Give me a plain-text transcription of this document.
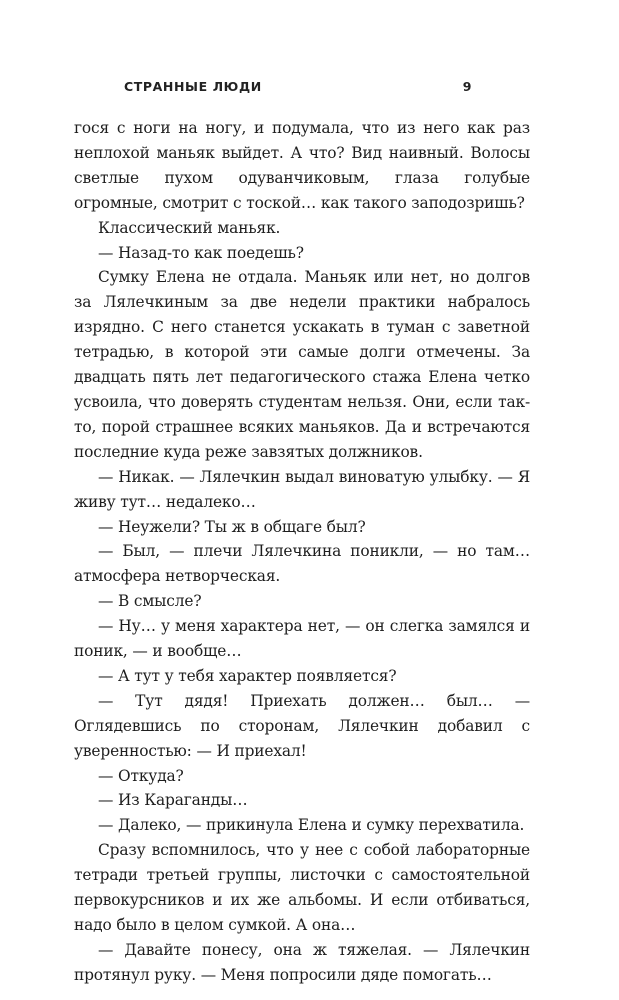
СТРАННЫЕ ЛЮДИ	9

гося с ноги на ногу, и подумала, что из него как раз неплохой маньяк выйдет. А что? Вид наивный. Волосы светлые пухом одуванчиковым, глаза голубые огромные, смотрит с тоской… как такого заподозришь?

Классический маньяк.

— Назад-то как поедешь?

Сумку Елена не отдала. Маньяк или нет, но долгов за Лялечкиным за две недели практики набралось изрядно. С него станется ускакать в туман с заветной тетрадью, в которой эти самые долги отмечены. За двадцать пять лет педагогического стажа Елена четко усвоила, что доверять студентам нельзя. Они, если так-то, порой страшнее всяких маньяков. Да и встречаются последние куда реже завзятых должников.

— Никак. — Лялечкин выдал виноватую улыбку. — Я живу тут… недалеко…

— Неужели? Ты ж в общаге был?

— Был, — плечи Лялечкина поникли, — но там… атмосфера нетворческая.

— В смысле?

— Ну… у меня характера нет, — он слегка замялся и поник, — и вообще…

— А тут у тебя характер появляется?

— Тут дядя! Приехать должен… был… — Оглядевшись по сторонам, Лялечкин добавил с уверенностью: — И приехал!

— Откуда?

— Из Караганды…

— Далеко, — прикинула Елена и сумку перехватила.

Сразу вспомнилось, что у нее с собой лабораторные тетради третьей группы, листочки с самостоятельной первокурсников и их же альбомы. И если отбиваться, надо было в целом сумкой. А она…

— Давайте понесу, она ж тяжелая. — Лялечкин протянул руку. — Меня попросили дяде помогать…
